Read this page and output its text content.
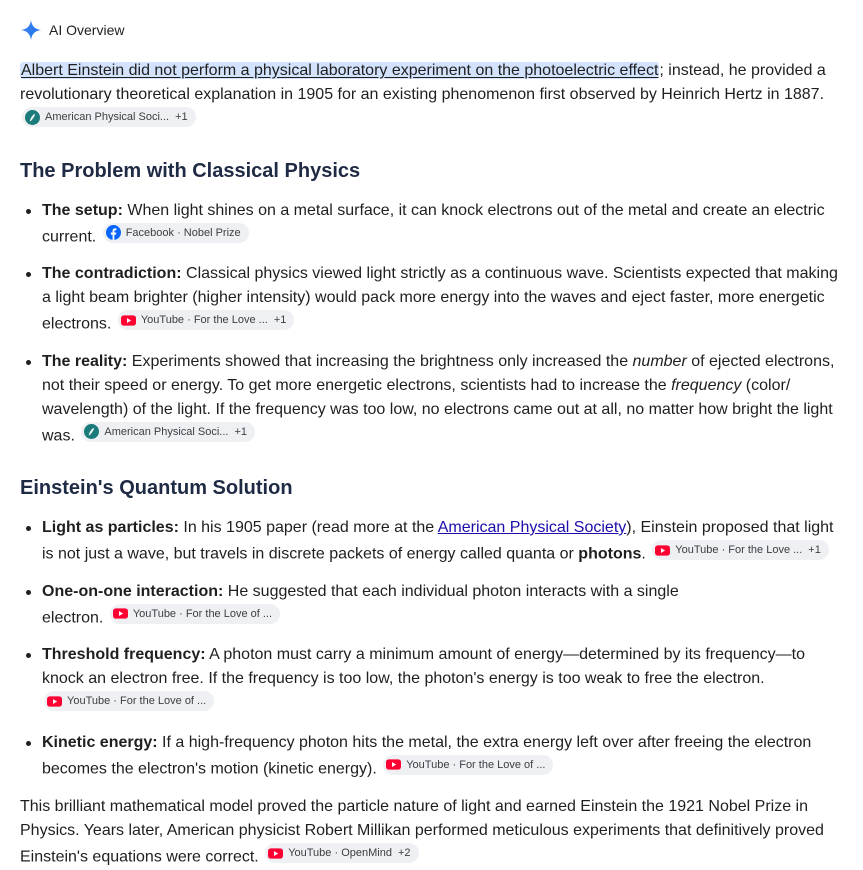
AI Overview

Albert Einstein did not perform a physical laboratory experiment on the photoelectric effect; instead, he provided a revolutionary theoretical explanation in 1905 for an existing phenomenon first observed by Heinrich Hertz in 1887.
American Physical Soci... +1

The Problem with Classical Physics
The setup: When light shines on a metal surface, it can knock electrons out of the metal and create an electric current.	Facebook · Nobel Prize
The contradiction: Classical physics viewed light strictly as a continuous wave. Scientists expected that making a light beam brighter (higher intensity) would pack more energy into the waves and eject faster, more energetic electrons.	YouTube · For the Love ... +1
The reality: Experiments showed that increasing the brightness only increased the number of ejected electrons, not their speed or energy. To get more energetic electrons, scientists had to increase the frequency (color/ wavelength) of the light. If the frequency was too low, no electrons came out at all, no matter how bright the light was.	American Physical Soci... +1
Einstein's Quantum Solution
Light as particles: In his 1905 paper (read more at the American Physical Society), Einstein proposed that light is not just a wave, but travels in discrete packets of energy called quanta or photons.	YouTube · For the Love ... +1
One-on-one interaction: He suggested that each individual photon interacts with a single electron.	YouTube · For the Love of ...
Threshold frequency: A photon must carry a minimum amount of energy—determined by its frequency—to knock an electron free. If the frequency is too low, the photon's energy is too weak to free the electron.
YouTube · For the Love of ...
Kinetic energy: If a high-frequency photon hits the metal, the extra energy left over after freeing the electron becomes the electron's motion (kinetic energy).	YouTube · For the Love of ...

This brilliant mathematical model proved the particle nature of light and earned Einstein the 1921 Nobel Prize in Physics. Years later, American physicist Robert Millikan performed meticulous experiments that definitively proved Einstein's equations were correct.	YouTube · OpenMind +2
